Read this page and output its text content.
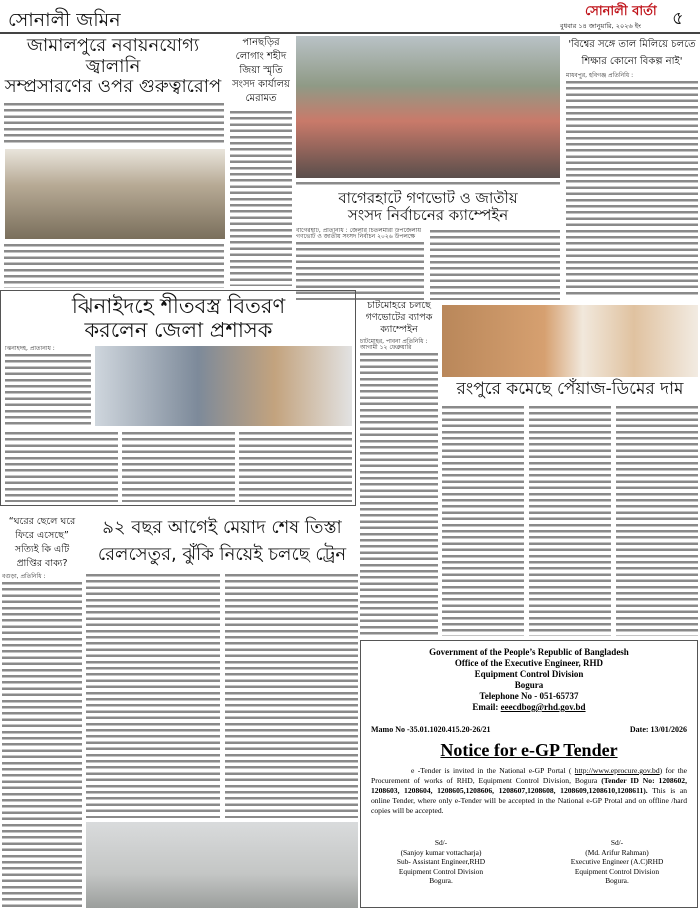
সোনালী জমিন	সোনালী বার্তা
বুধবার ১৪ জানুয়ারি, ২০২৬ ইং ৫
জামালপুরে নবায়নযোগ্য জ্বালানি
সম্প্রসারণের ওপর গুরুত্বারোপ
পানছড়ির লোগাং শহীদ জিয়া স্মৃতি সংসদ কার্যালয় মেরামত
বাগেরহাটে গণভোট ও জাতীয়
সংসদ নির্বাচনের ক্যাম্পেইন
বাগেরহাট, প্রতিনিধি : জেলার চিতলমারী উপজেলায় গণভোট ও জাতীয় সংসদ নির্বাচন ২০২৬ উপলক্ষে
'বিশ্বের সঙ্গে তাল মিলিয়ে চলতে শিক্ষার কোনো বিকল্প নাই'
মাধবপুর, হবিগঞ্জ প্রতিনিধি :
ঝিনাইদহে শীতবস্ত্র বিতরণ
করলেন জেলা প্রশাসক
ঝিনাইদহ, প্রতিনিধি :
চাটমোহরে চলছে গণভোটের ব্যাপক ক্যাম্পেইন
চাটমোহর, পাবনা প্রতিনিধি : আগামী ১২ ফেব্রুয়ারি
রংপুরে কমেছে পেঁয়াজ-ডিমের দাম
“ঘরের ছেলে ঘরে ফিরে এসেছে” সত্যিই কি এটি প্রাপ্তির বাক্য?
বগুড়া, প্রতিনিধি :
৯২ বছর আগেই মেয়াদ শেষ তিস্তা
রেলসেতুর, ঝুঁকি নিয়েই চলছে ট্রেন
Government of the People’s Republic of Bangladesh
Office of the Executive Engineer, RHD
Equipment Control Division
Bogura
Telephone No - 051-65737
Email: eeecdbog@rhd.gov.bd
Mamo No -35.01.1020.415.20-26/21	Date: 13/01/2026
Notice for e-GP Tender
e -Tender is invited in the National e-GP Portal ( http://www.eprocure.gov.bd) for the Procurement of works of RHD, Equipment Control Division, Bogura (Tender ID No: 1208602, 1208603, 1208604, 1208605,1208606, 1208607,1208608, 1208609,1208610,1208611). This is an online Tender, where only e-Tender will be accepted in the National e-GP Protal and on offline /hard copies will be accepted.
Sd/-
(Sanjoy kumar vottacharja)
Sub- Assistant Engineer,RHD
Equipment Control Division
Bogura.
Sd/-
(Md. Arifur Rahman)
Executive Engineer (A.C)RHD
Equipment Control Division
Bogura.
